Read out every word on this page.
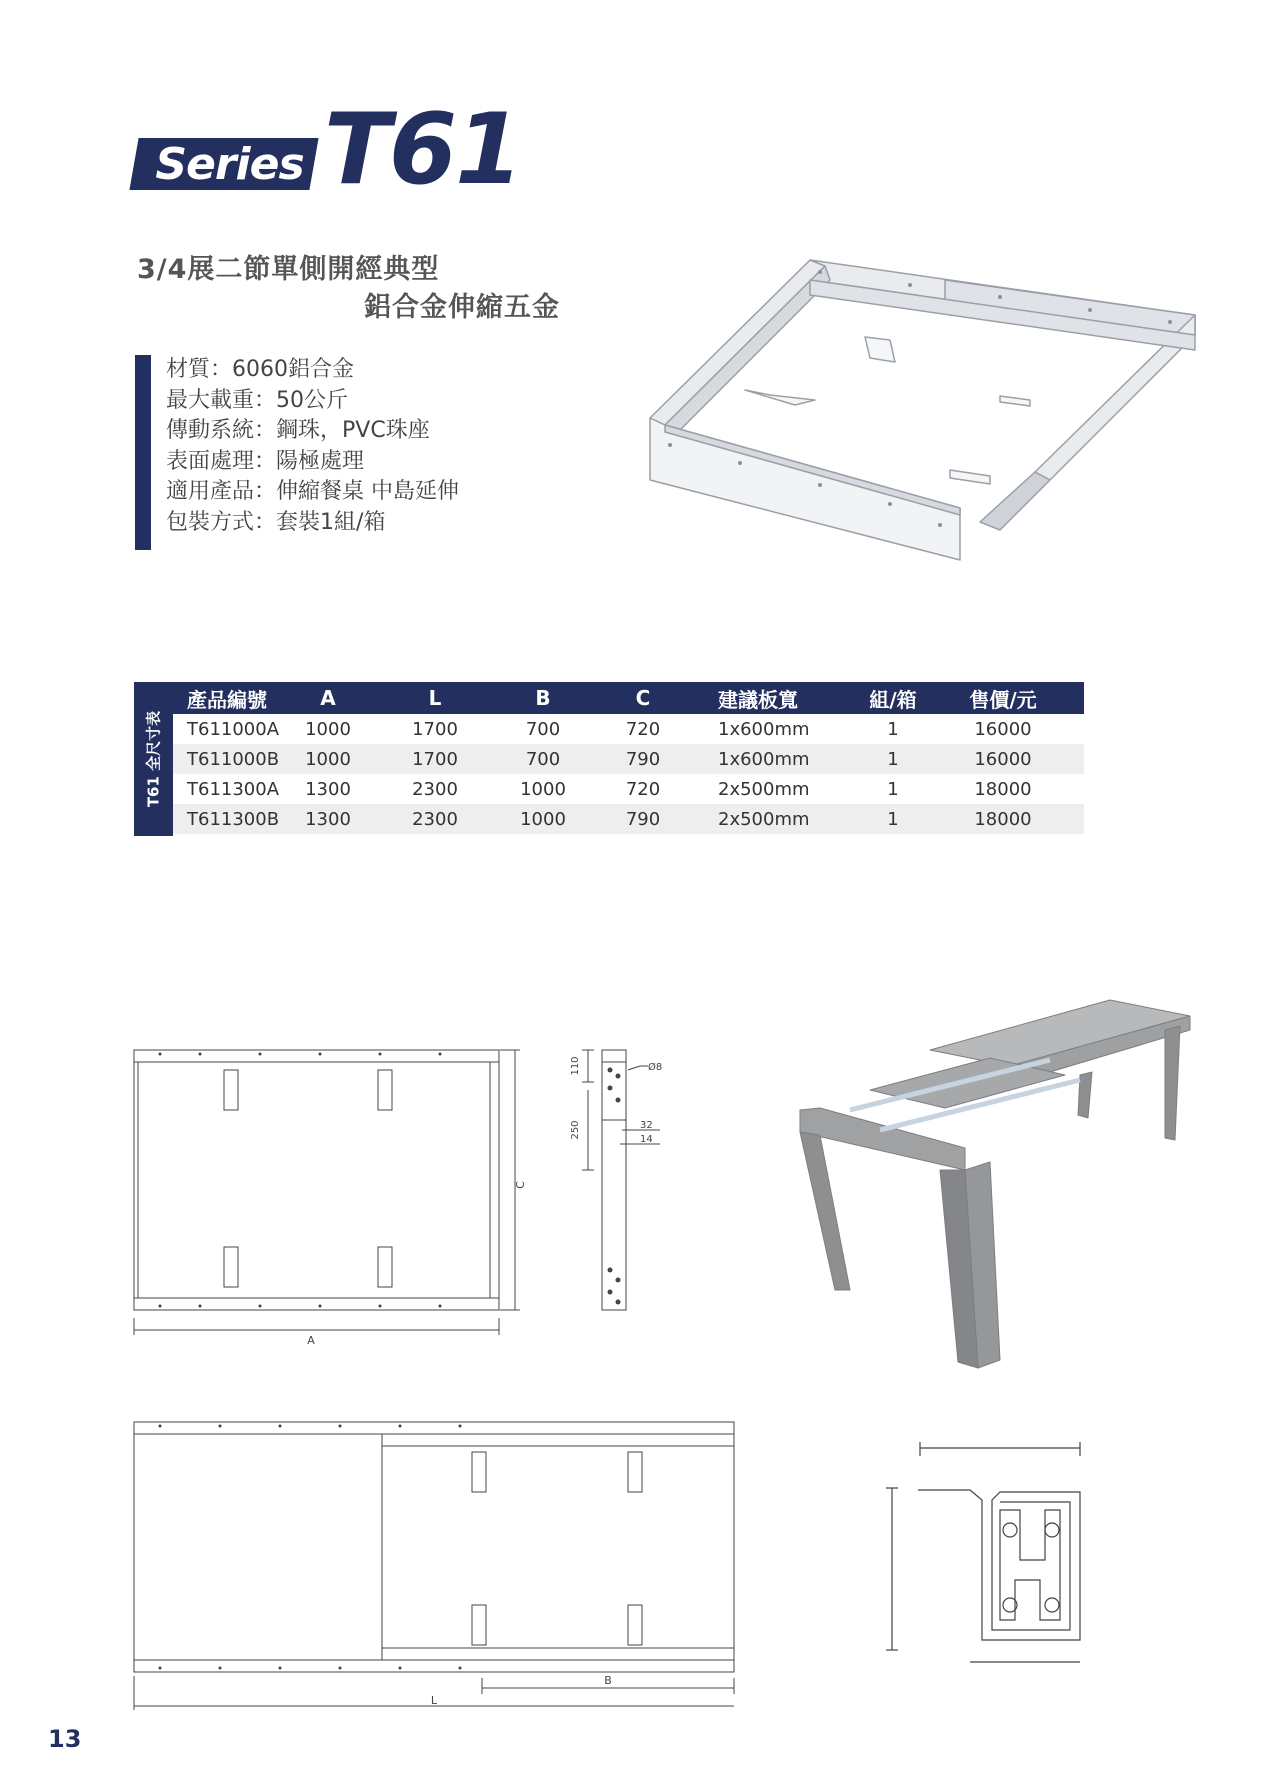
Series T61
3/4展二節單側開經典型
鋁合金伸縮五金
材質：6060鋁合金
最大載重：50公斤
傳動系統：鋼珠，PVC珠座
表面處理：陽極處理
適用產品：伸縮餐桌 中島延伸
包裝方式：套裝1組/箱
T61 全尺寸表
產品編號	A	L	B	C	建議板寬	組/箱	售價/元
T611000A	1000	1700	700	720	1x600mm	1	16000
T611000B	1000	1700	700	790	1x600mm	1	16000
T611300A	1300	2300	1000	720	2x500mm	1	18000
T611300B	1300	2300	1000	790	2x500mm	1	18000
A
C
110
250
Ø8
32
14
B
L
13
